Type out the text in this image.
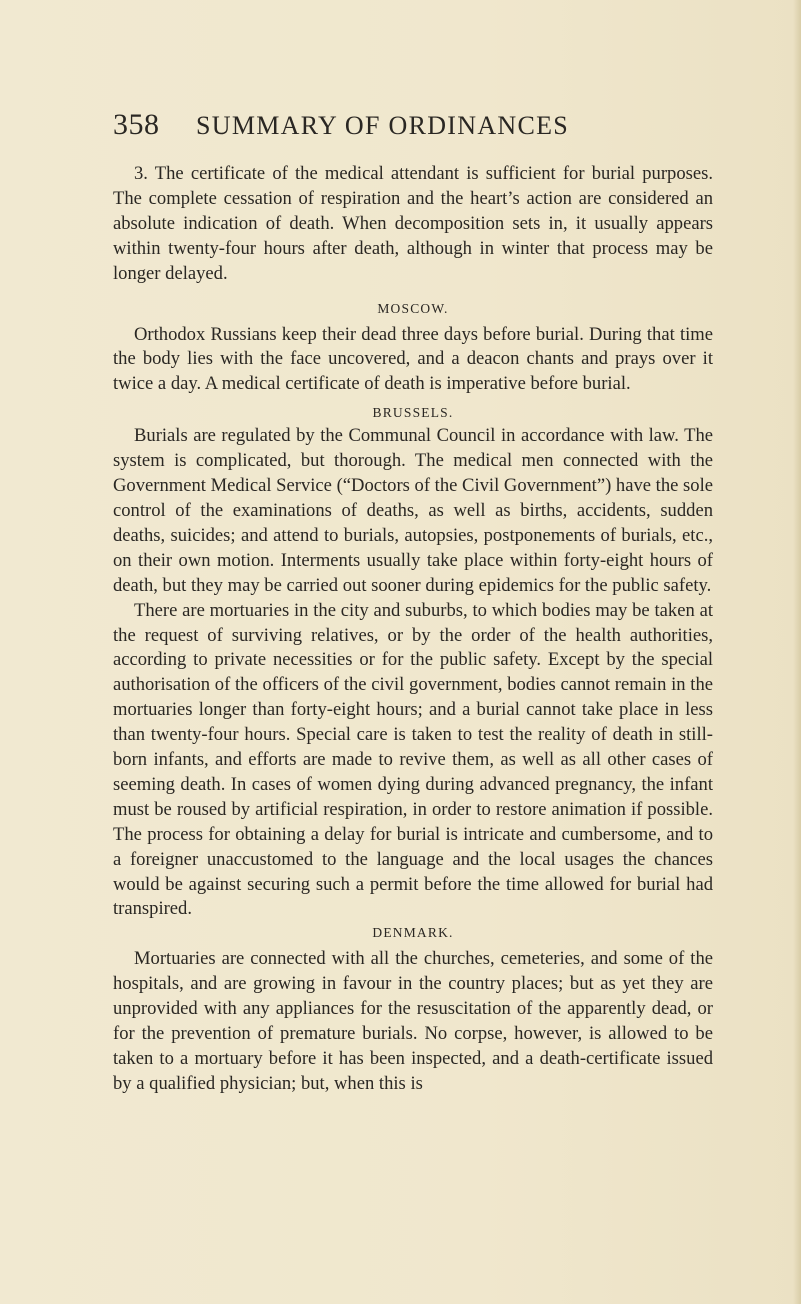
358 SUMMARY OF ORDINANCES

3. The certificate of the medical attendant is sufficient for burial purposes. The complete cessation of respiration and the heart’s action are considered an absolute indication of death. When decomposition sets in, it usually appears within twenty-four hours after death, although in winter that process may be longer delayed.

MOSCOW.

Orthodox Russians keep their dead three days before burial. During that time the body lies with the face uncovered, and a deacon chants and prays over it twice a day. A medical certificate of death is imperative before burial.

BRUSSELS.

Burials are regulated by the Communal Council in accordance with law. The system is complicated, but thorough. The medical men connected with the Government Medical Service (“Doctors of the Civil Government”) have the sole control of the examinations of deaths, as well as births, accidents, sudden deaths, suicides; and attend to burials, autopsies, postponements of burials, etc., on their own motion. Interments usually take place within forty-eight hours of death, but they may be carried out sooner during epidemics for the public safety.

There are mortuaries in the city and suburbs, to which bodies may be taken at the request of surviving relatives, or by the order of the health authorities, according to private necessities or for the public safety. Except by the special authorisation of the officers of the civil government, bodies cannot remain in the mortuaries longer than forty-eight hours; and a burial cannot take place in less than twenty-four hours. Special care is taken to test the reality of death in still-born infants, and efforts are made to revive them, as well as all other cases of seeming death. In cases of women dying during advanced pregnancy, the infant must be roused by artificial respiration, in order to restore animation if possible. The process for obtaining a delay for burial is intricate and cumbersome, and to a foreigner unaccustomed to the language and the local usages the chances would be against securing such a permit before the time allowed for burial had transpired.

DENMARK.

Mortuaries are connected with all the churches, cemeteries, and some of the hospitals, and are growing in favour in the country places; but as yet they are unprovided with any appliances for the resuscitation of the apparently dead, or for the prevention of premature burials. No corpse, however, is allowed to be taken to a mortuary before it has been inspected, and a death-certificate issued by a qualified physician; but, when this is
